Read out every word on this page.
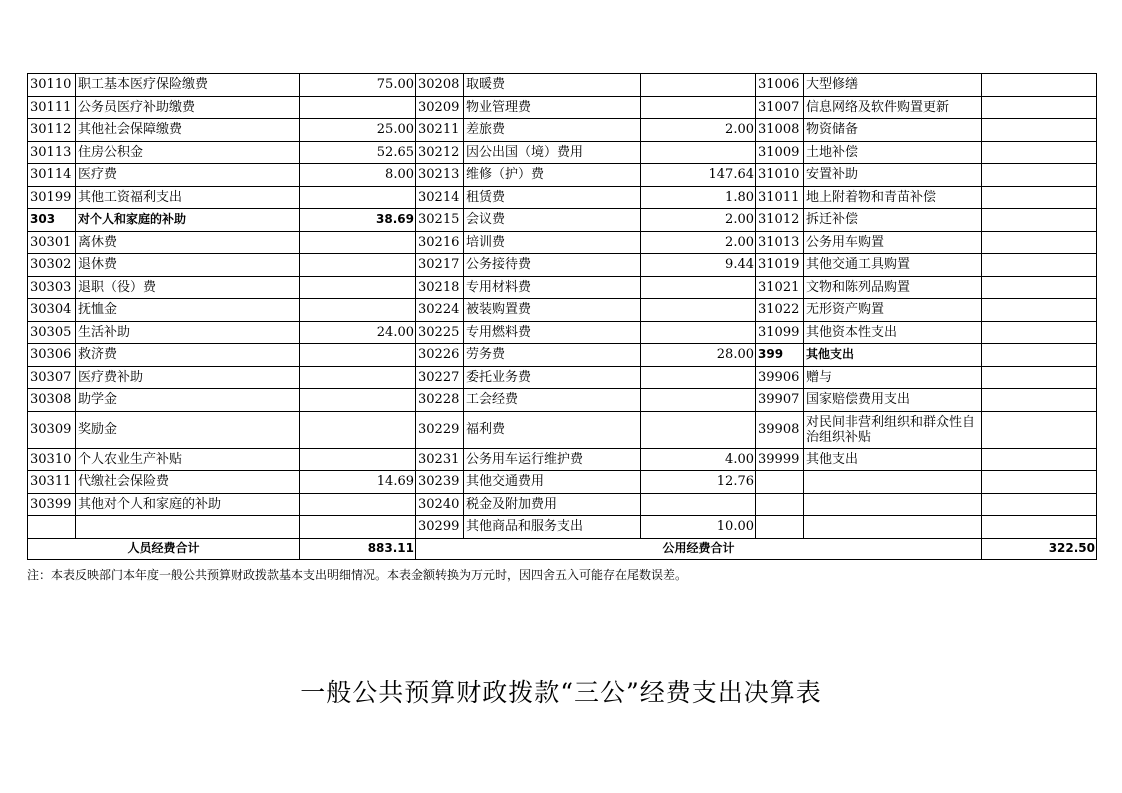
30110	职工基本医疗保险缴费	75.00	30208	取暖费		31006	大型修缮	
30111	公务员医疗补助缴费		30209	物业管理费		31007	信息网络及软件购置更新	
30112	其他社会保障缴费	25.00	30211	差旅费	2.00	31008	物资储备	
30113	住房公积金	52.65	30212	因公出国（境）费用		31009	土地补偿	
30114	医疗费	8.00	30213	维修（护）费	147.64	31010	安置补助	
30199	其他工资福利支出		30214	租赁费	1.80	31011	地上附着物和青苗补偿	
303	对个人和家庭的补助	38.69	30215	会议费	2.00	31012	拆迁补偿	
30301	离休费		30216	培训费	2.00	31013	公务用车购置	
30302	退休费		30217	公务接待费	9.44	31019	其他交通工具购置	
30303	退职（役）费		30218	专用材料费		31021	文物和陈列品购置	
30304	抚恤金		30224	被装购置费		31022	无形资产购置	
30305	生活补助	24.00	30225	专用燃料费		31099	其他资本性支出	
30306	救济费		30226	劳务费	28.00	399	其他支出	
30307	医疗费补助		30227	委托业务费		39906	赠与	
30308	助学金		30228	工会经费		39907	国家赔偿费用支出	
30309	奖励金		30229	福利费		39908	对民间非营利组织和群众性自治组织补贴	
30310	个人农业生产补贴		30231	公务用车运行维护费	4.00	39999	其他支出	
30311	代缴社会保险费	14.69	30239	其他交通费用	12.76			
30399	其他对个人和家庭的补助		30240	税金及附加费用				
			30299	其他商品和服务支出	10.00			
人员经费合计		883.11	公用经费合计					322.50
注：本表反映部门本年度一般公共预算财政拨款基本支出明细情况。本表金额转换为万元时，因四舍五入可能存在尾数误差。
一般公共预算财政拨款“三公”经费支出决算表
